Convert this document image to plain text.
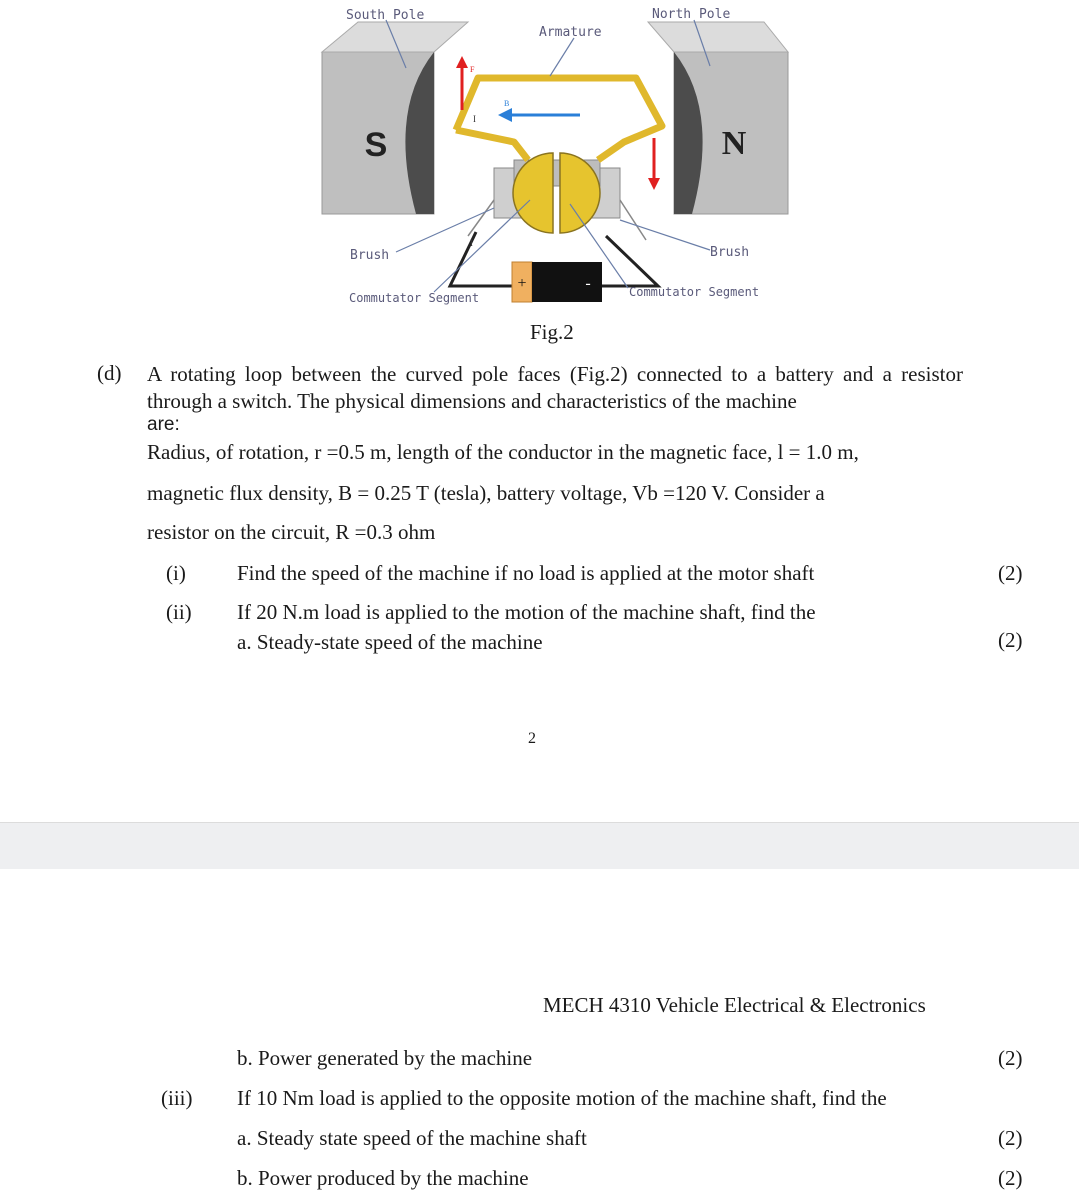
+	-
S	N
B
F
I
I
South Pole	North Pole
Armature
Brush	Brush
Commutator Segment	Commutator Segment
Fig.2
(d) A rotating loop between the curved pole faces (Fig.2) connected to a battery and a resistor through a switch. The physical dimensions and characteristics of the machine
are:
Radius, of rotation, r =0.5 m, length of the conductor in the magnetic face, l = 1.0 m,
magnetic flux density, B = 0.25 T (tesla), battery voltage, Vb =120 V. Consider a
resistor on the circuit, R =0.3 ohm
(i) Find the speed of the machine if no load is applied at the motor shaft	(2)
(ii) If 20 N.m load is applied to the motion of the machine shaft, find the
a. Steady-state speed of the machine	(2)
2
MECH 4310 Vehicle Electrical & Electronics
b. Power generated by the machine	(2)
(iii) If 10 Nm load is applied to the opposite motion of the machine shaft, find the
a. Steady state speed of the machine shaft	(2)
b. Power produced by the machine	(2)
